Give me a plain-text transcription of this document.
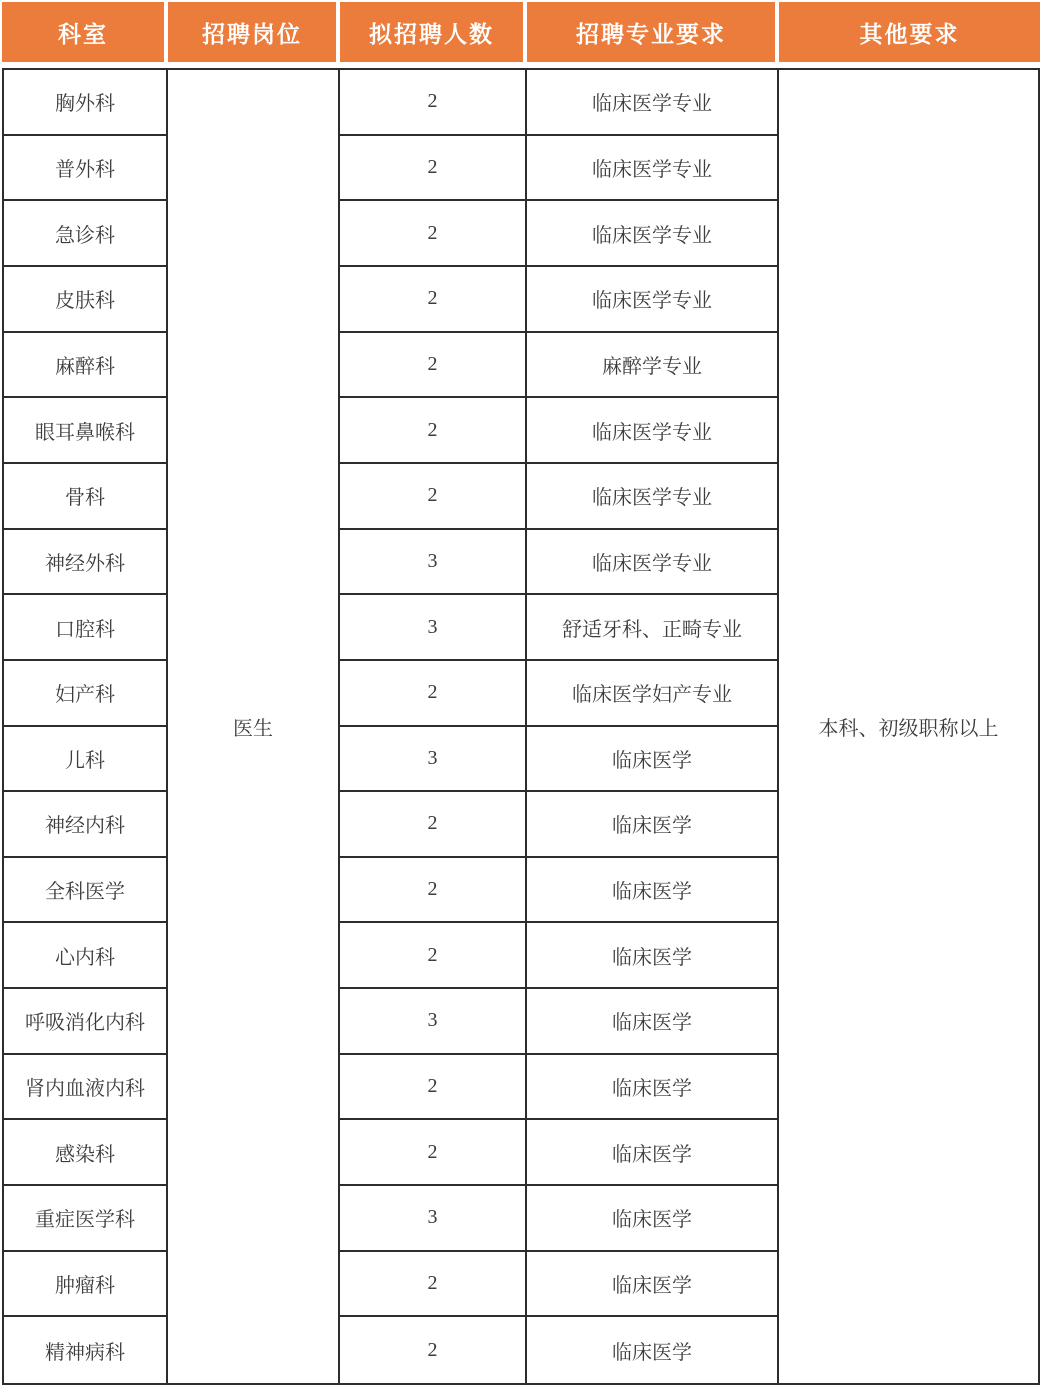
科室	招聘岗位	拟招聘人数	招聘专业要求	其他要求
医生	本科、初级职称以上
胸外科	2	临床医学专业
普外科	2	临床医学专业
急诊科	2	临床医学专业
皮肤科	2	临床医学专业
麻醉科	2	麻醉学专业
眼耳鼻喉科	2	临床医学专业
骨科	2	临床医学专业
神经外科	3	临床医学专业
口腔科	3	舒适牙科、正畸专业
妇产科	2	临床医学妇产专业
儿科	3	临床医学
神经内科	2	临床医学
全科医学	2	临床医学
心内科	2	临床医学
呼吸消化内科	3	临床医学
肾内血液内科	2	临床医学
感染科	2	临床医学
重症医学科	3	临床医学
肿瘤科	2	临床医学
精神病科	2	临床医学
